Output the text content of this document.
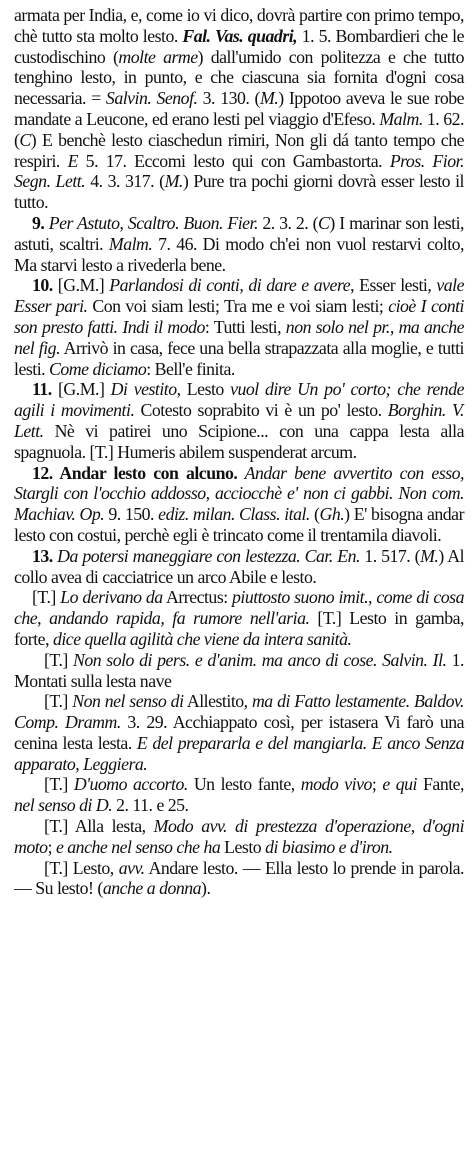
armata per India, e, come io vi dico, dovrà partire con primo tempo, chè tutto sta molto lesto. Fal. Vas. quadri, 1. 5. Bombardieri che le custodischino (molte arme) dall'umido con politezza e che tutto tenghino lesto, in punto, e che ciascuna sia fornita d'ogni cosa necessaria. = Salvin. Senof. 3. 130. (M.) Ippotoo aveva le sue robe mandate a Leucone, ed erano lesti pel viaggio d'Efeso. Malm. 1. 62. (C) E benchè lesto ciaschedun rimiri, Non gli dá tanto tempo che respiri. E 5. 17. Eccomi lesto qui con Gambastorta. Pros. Fior. Segn. Lett. 4. 3. 317. (M.) Pure tra pochi giorni dovrà esser lesto il tutto.

9. Per Astuto, Scaltro. Buon. Fier. 2. 3. 2. (C) I marinar son lesti, astuti, scaltri. Malm. 7. 46. Di modo ch'ei non vuol restarvi colto, Ma starvi lesto a rivederla bene.

10. [G.M.] Parlandosi di conti, di dare e avere, Esser lesti, vale Esser pari. Con voi siam lesti; Tra me e voi siam lesti; cioè I conti son presto fatti. Indi il modo: Tutti lesti, non solo nel pr., ma anche nel fig. Arrivò in casa, fece una bella strapazzata alla moglie, e tutti lesti. Come diciamo: Bell'e finita.

11. [G.M.] Di vestito, Lesto vuol dire Un po' corto; che rende agili i movimenti. Cotesto soprabito vi è un po' lesto. Borghin. V. Lett. Nè vi patirei uno Scipione... con una cappa lesta alla spagnuola. [T.] Humeris abilem suspenderat arcum.

12. Andar lesto con alcuno. Andar bene avvertito con esso, Stargli con l'occhio addosso, acciocchè e' non ci gabbi. Non com. Machiav. Op. 9. 150. ediz. milan. Class. ital. (Gh.) E' bisogna andar lesto con costui, perchè egli è trincato come il trentamila diavoli.

13. Da potersi maneggiare con lestezza. Car. En. 1. 517. (M.) Al collo avea di cacciatrice un arco Abile e lesto.

[T.] Lo derivano da Arrectus: piuttosto suono imit., come di cosa che, andando rapida, fa rumore nell'aria. [T.] Lesto in gamba, forte, dice quella agilità che viene da intera sanità.

[T.] Non solo di pers. e d'anim. ma anco di cose. Salvin. Il. 1. Montati sulla lesta nave

[T.] Non nel senso di Allestito, ma di Fatto lestamente. Baldov. Comp. Dramm. 3. 29. Acchiappato così, per istasera Vi farò una cenina lesta lesta. E del prepararla e del mangiarla. E anco Senza apparato, Leggiera.

[T.] D'uomo accorto. Un lesto fante, modo vivo; e qui Fante, nel senso di D. 2. 11. e 25.

[T.] Alla lesta, Modo avv. di prestezza d'operazione, d'ogni moto; e anche nel senso che ha Lesto di biasimo e d'iron.

[T.] Lesto, avv. Andare lesto. — Ella lesto lo prende in parola. — Su lesto! (anche a donna).
